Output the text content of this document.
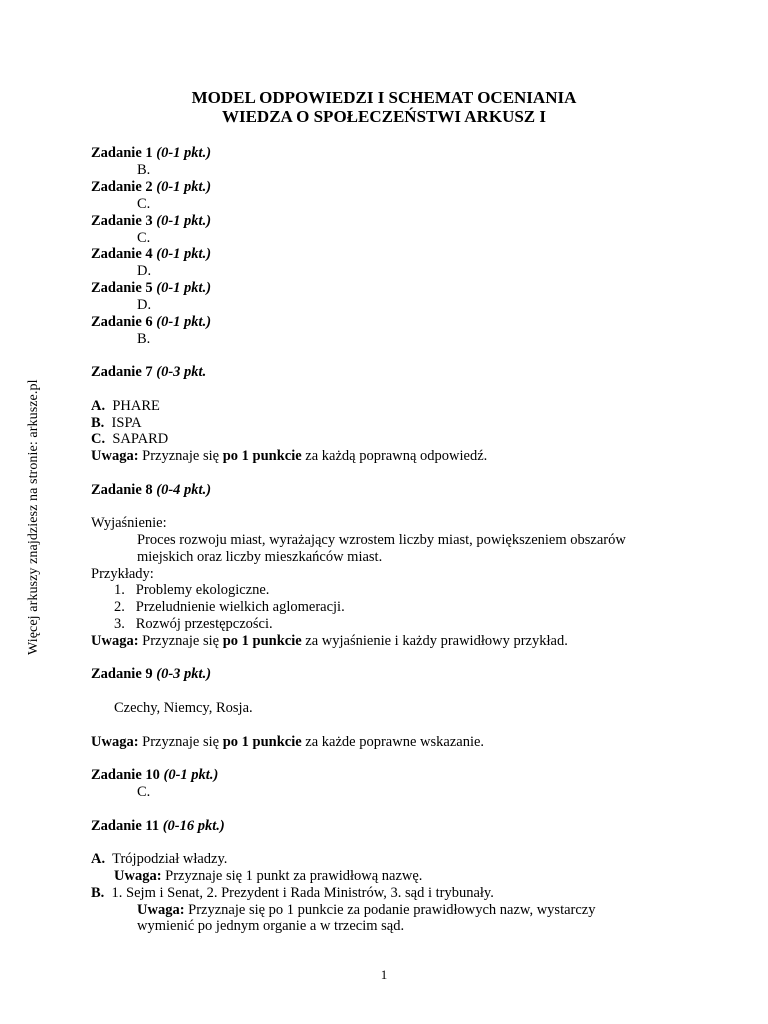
MODEL ODPOWIEDZI I SCHEMAT OCENIANIA
WIEDZA O SPOŁECZEŃSTWI ARKUSZ I
Więcej arkuszy znajdziesz na stronie: arkusze.pl
Zadanie 1 (0-1 pkt.)
B.
Zadanie 2 (0-1 pkt.)
C.
Zadanie 3 (0-1 pkt.)
C.
Zadanie 4 (0-1 pkt.)
D.
Zadanie 5 (0-1 pkt.)
D.
Zadanie 6 (0-1 pkt.)
B.
Zadanie 7 (0-3 pkt.
A. PHARE
B. ISPA
C. SAPARD
Uwaga: Przyznaje się po 1 punkcie za każdą poprawną odpowiedź.
Zadanie 8 (0-4 pkt.)
Wyjaśnienie:
Proces rozwoju miast, wyrażający wzrostem liczby miast, powiększeniem obszarów
miejskich oraz liczby mieszkańców miast.
Przykłady:
1. Problemy ekologiczne.
2. Przeludnienie wielkich aglomeracji.
3. Rozwój przestępczości.
Uwaga: Przyznaje się po 1 punkcie za wyjaśnienie i każdy prawidłowy przykład.
Zadanie 9 (0-3 pkt.)
Czechy, Niemcy, Rosja.
Uwaga: Przyznaje się po 1 punkcie za każde poprawne wskazanie.
Zadanie 10 (0-1 pkt.)
C.
Zadanie 11 (0-16 pkt.)
A. Trójpodział władzy.
Uwaga: Przyznaje się 1 punkt za prawidłową nazwę.
B. 1. Sejm i Senat, 2. Prezydent i Rada Ministrów, 3. sąd i trybunały.
Uwaga: Przyznaje się po 1 punkcie za podanie prawidłowych nazw, wystarczy
wymienić po jednym organie a w trzecim sąd.
1
